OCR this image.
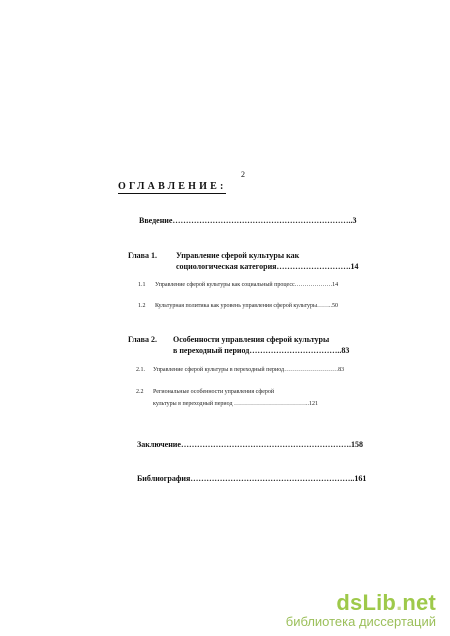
2
ОГЛАВЛЕНИЕ:
Введение…………………………………………………………..3
Глава 1. Управление сферой культуры как
социологическая категория……………………….14
1.1 Управление сферой культуры как социальный процесс……………….14
1.2 Культурная политика как уровень управления сферой культуры……..50
Глава 2. Особенности управления сферой культуры
в переходный период……………………………..83
2.1. Управление сферой культуры в переходный период………………………83
2.2 Региональные особенности управления сферой
культуры в переходный период ………………………………..121
Заключение……………………………………………………….158
Библиография……………………………………………………..161
dsLib.net
библиотека диссертаций
